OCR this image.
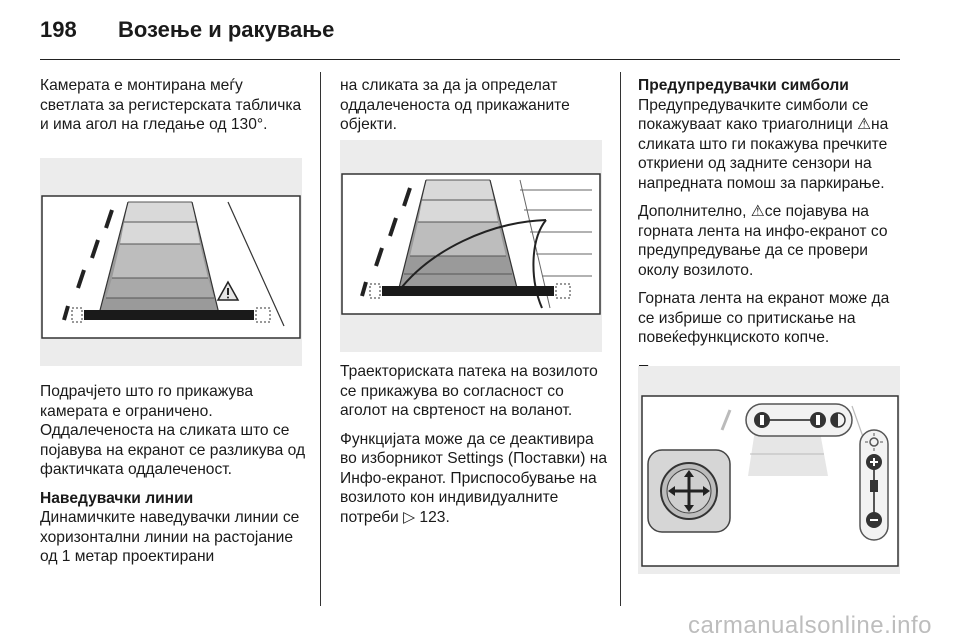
198 Возење и ракување

Камерата е монтирана меѓу светлата за регистерската табличка и има агол на гледање од 130°.

Подрачјето што го прикажува камерата е ограничено. Оддалеченоста на сликата што се појавува на екранот се разликува од фактичката оддалеченост.

Наведувачки линии

Динамичките наведувачки линии се хоризонтални линии на растојание од 1 метар проектирани

на сликата за да ја определат оддалеченоста од прикажаните објекти.

Траекториската патека на возилото се прикажува во согласност со аголот на свртеност на воланот.

Функцијата може да се деактивира во изборникот Settings (Поставки) на Инфо-екранот. Приспособување на возилото кон индивидуалните потреби ▷ 123.

Предупредувачки симболи

Предупредувачките симболи се покажуваат како триаголници ⚠на сликата што ги покажува пречките откриени од задните сензори на напредната помош за паркирање.

Дополнително, ⚠се појавува на горната лента на инфо-екранот со предупредување да се провери околу возилото.

Горната лента на екранот може да се избрише со притискање на повеќефункциското копче.

carmanualsonline.info
